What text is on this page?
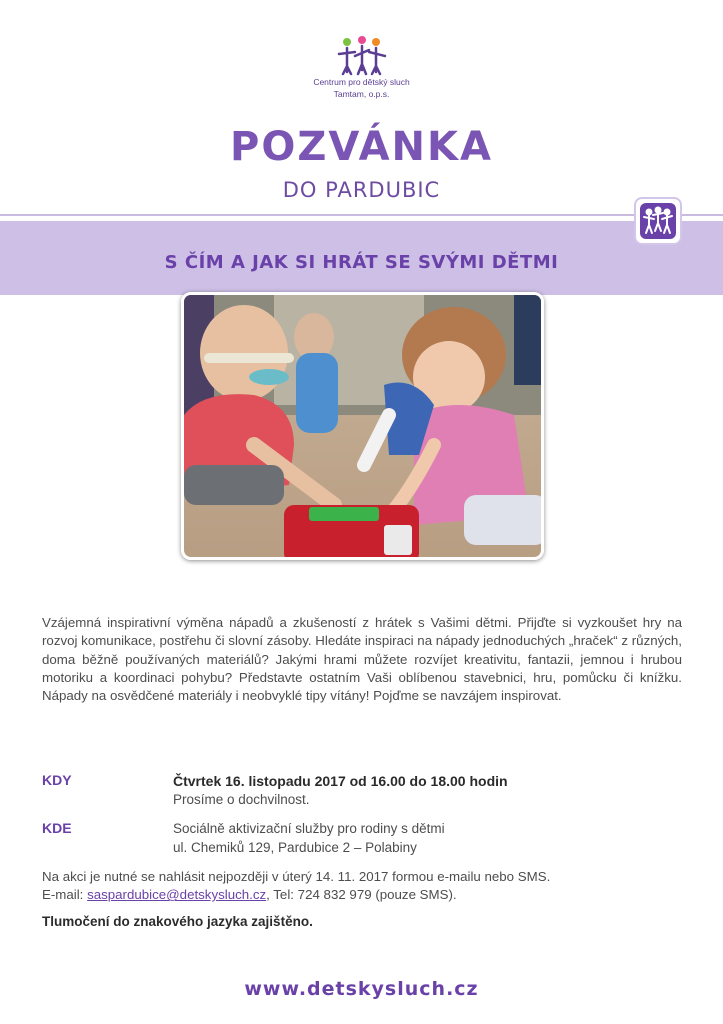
Centrum pro dětský sluch
Tamtam, o.p.s.
POZVÁNKA
DO PARDUBIC
S ČÍM A JAK SI HRÁT SE SVÝMI DĚTMI

Vzájemná inspirativní výměna nápadů a zkušeností z hrátek s Vašimi dětmi. Přijďte si vyzkoušet hry na rozvoj komunikace, postřehu či slovní zásoby. Hledáte inspiraci na nápady jednoduchých „hraček“ z různých, doma běžně používaných materiálů? Jakými hrami můžete rozvíjet kreativitu, fantazii, jemnou i hrubou motoriku a koordinaci pohybu? Představte ostatním Vaši oblíbenou stavebnici, hru, pomůcku či knížku. Nápady na osvědčené materiály i neobvyklé tipy vítány! Pojďme se navzájem inspirovat.

KDY	Čtvrtek 16. listopadu 2017 od 16.00 do 18.00 hodin
Prosíme o dochvilnost.
KDE	Sociálně aktivizační služby pro rodiny s dětmi
ul. Chemiků 129, Pardubice 2 – Polabiny
Na akci je nutné se nahlásit nejpozději v úterý 14. 11. 2017 formou e-mailu nebo SMS.
E-mail: saspardubice@detskysluch.cz, Tel: 724 832 979 (pouze SMS).
Tlumočení do znakového jazyka zajištěno.
www.detskysluch.cz
